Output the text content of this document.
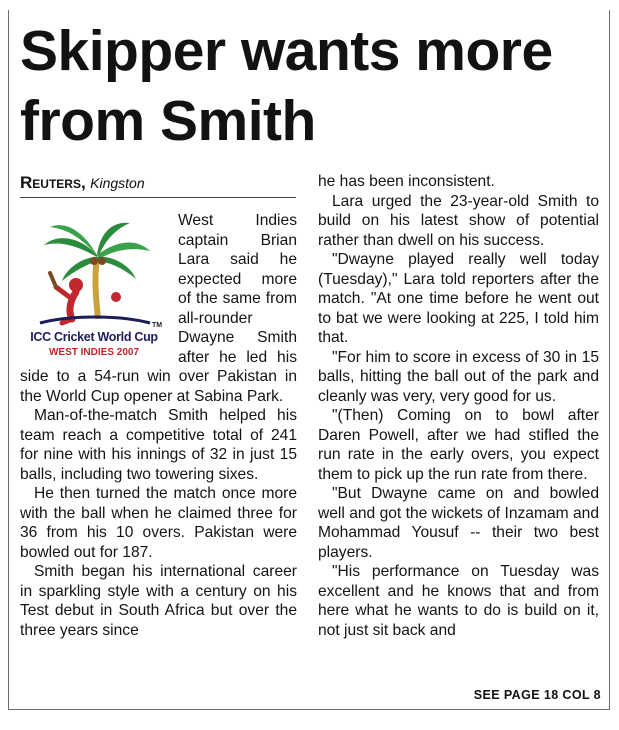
Skipper wants more from Smith
Reuters, Kingston
TM
ICC Cricket World Cup
WEST INDIES 2007

West Indies captain Brian Lara said he expected more of the same from all-rounder Dwayne Smith after he led his side to a 54-run win over Pakistan in the World Cup opener at Sabina Park.

Man-of-the-match Smith helped his team reach a competitive total of 241 for nine with his innings of 32 in just 15 balls, including two towering sixes.

He then turned the match once more with the ball when he claimed three for 36 from his 10 overs. Pakistan were bowled out for 187.

Smith began his international career in sparkling style with a century on his Test debut in South Africa but over the three years since

he has been inconsistent.

Lara urged the 23-year-old Smith to build on his latest show of potential rather than dwell on his success.

"Dwayne played really well today (Tuesday)," Lara told reporters after the match. "At one time before he went out to bat we were looking at 225, I told him that.

"For him to score in excess of 30 in 15 balls, hitting the ball out of the park and cleanly was very, very good for us.

"(Then) Coming on to bowl after Daren Powell, after we had stifled the run rate in the early overs, you expect them to pick up the run rate from there.

"But Dwayne came on and bowled well and got the wickets of Inzamam and Mohammad Yousuf -- their two best players.

"His performance on Tuesday was excellent and he knows that and from here what he wants to do is build on it, not just sit back and

SEE PAGE 18 COL 8
